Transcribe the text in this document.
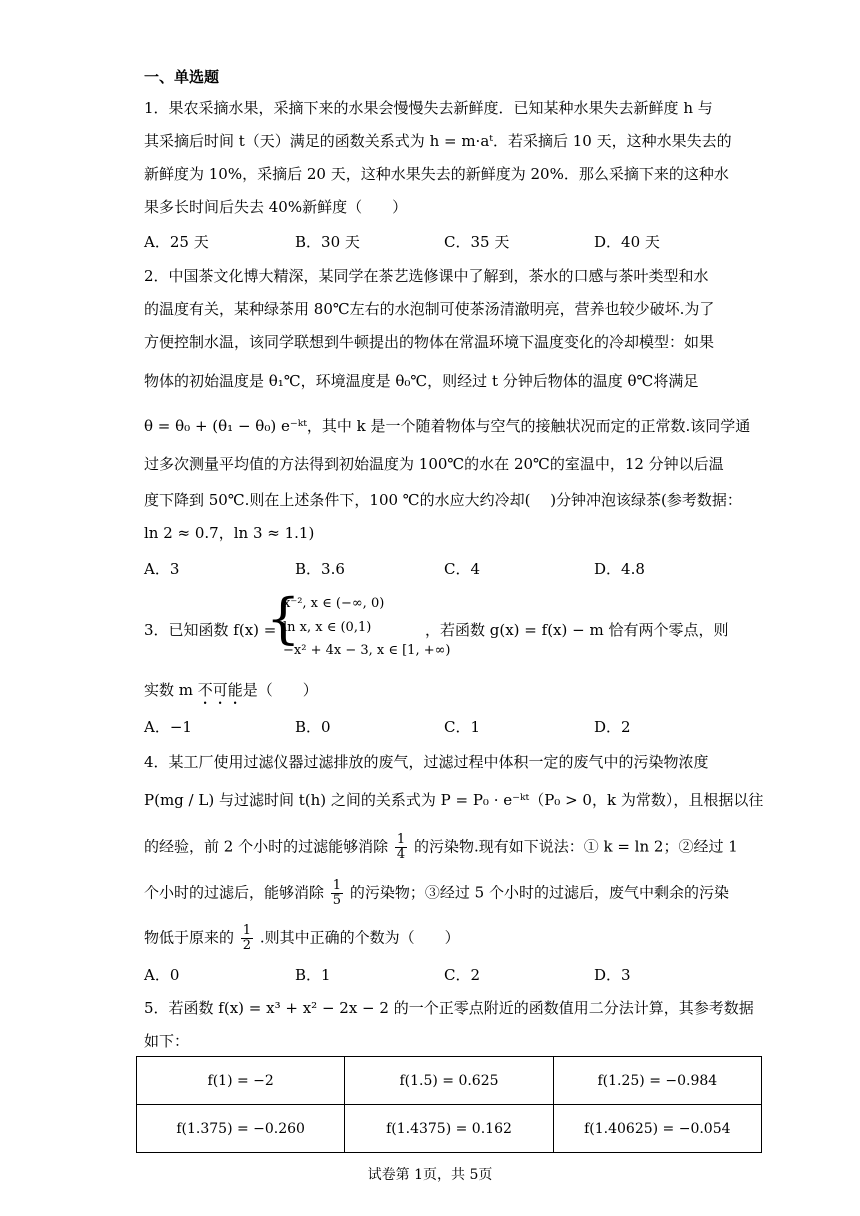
一、单选题
1．果农采摘水果，采摘下来的水果会慢慢失去新鲜度．已知某种水果失去新鲜度 h 与
其采摘后时间 t（天）满足的函数关系式为 h = m·aᵗ．若采摘后 10 天，这种水果失去的
新鲜度为 10%，采摘后 20 天，这种水果失去的新鲜度为 20%．那么采摘下来的这种水
果多长时间后失去 40%新鲜度（　　）
A．25 天	B．30 天	C．35 天	D．40 天
2．中国茶文化博大精深，某同学在茶艺选修课中了解到，茶水的口感与茶叶类型和水
的温度有关，某种绿茶用 80℃左右的水泡制可使茶汤清澈明亮，营养也较少破坏.为了
方便控制水温，该同学联想到牛顿提出的物体在常温环境下温度变化的冷却模型：如果
物体的初始温度是 θ₁℃，环境温度是 θ₀℃，则经过 t 分钟后物体的温度 θ℃将满足
θ = θ₀ + (θ₁ − θ₀) e⁻ᵏᵗ，其中 k 是一个随着物体与空气的接触状况而定的正常数.该同学通
过多次测量平均值的方法得到初始温度为 100℃的水在 20℃的室温中，12 分钟以后温
度下降到 50℃.则在上述条件下，100 ℃的水应大约冷却(　 )分钟冲泡该绿茶(参考数据：
ln 2 ≈ 0.7，ln 3 ≈ 1.1)
A．3	B．3.6	C．4	D．4.8
3．已知函数 f(x) =
{
x⁻², x ∈ (−∞, 0)
ln x, x ∈ (0,1)
−x² + 4x − 3, x ∈ [1, +∞)
，若函数 g(x) = f(x) − m 恰有两个零点，则
实数 m 不可能是（　　）
A．−1	B．0	C．1	D．2
4．某工厂使用过滤仪器过滤排放的废气，过滤过程中体积一定的废气中的污染物浓度
P(mg / L) 与过滤时间 t(h) 之间的关系式为 P = P₀ · e⁻ᵏᵗ（P₀ > 0，k 为常数），且根据以往
的经验，前 2 个小时的过滤能够消除 $\frac{1}{4}$ 的污染物.现有如下说法：① k = ln 2；②经过 1
个小时的过滤后，能够消除 $\frac{1}{5}$ 的污染物；③经过 5 个小时的过滤后，废气中剩余的污染
物低于原来的 $\frac{1}{2}$ .则其中正确的个数为（　　）
A．0	B．1	C．2	D．3
5．若函数 f(x) = x³ + x² − 2x − 2 的一个正零点附近的函数值用二分法计算，其参考数据
如下：
f(1) = −2	f(1.5) = 0.625	f(1.25) = −0.984
f(1.375) = −0.260	f(1.4375) = 0.162	f(1.40625) = −0.054
试卷第 1页，共 5页
